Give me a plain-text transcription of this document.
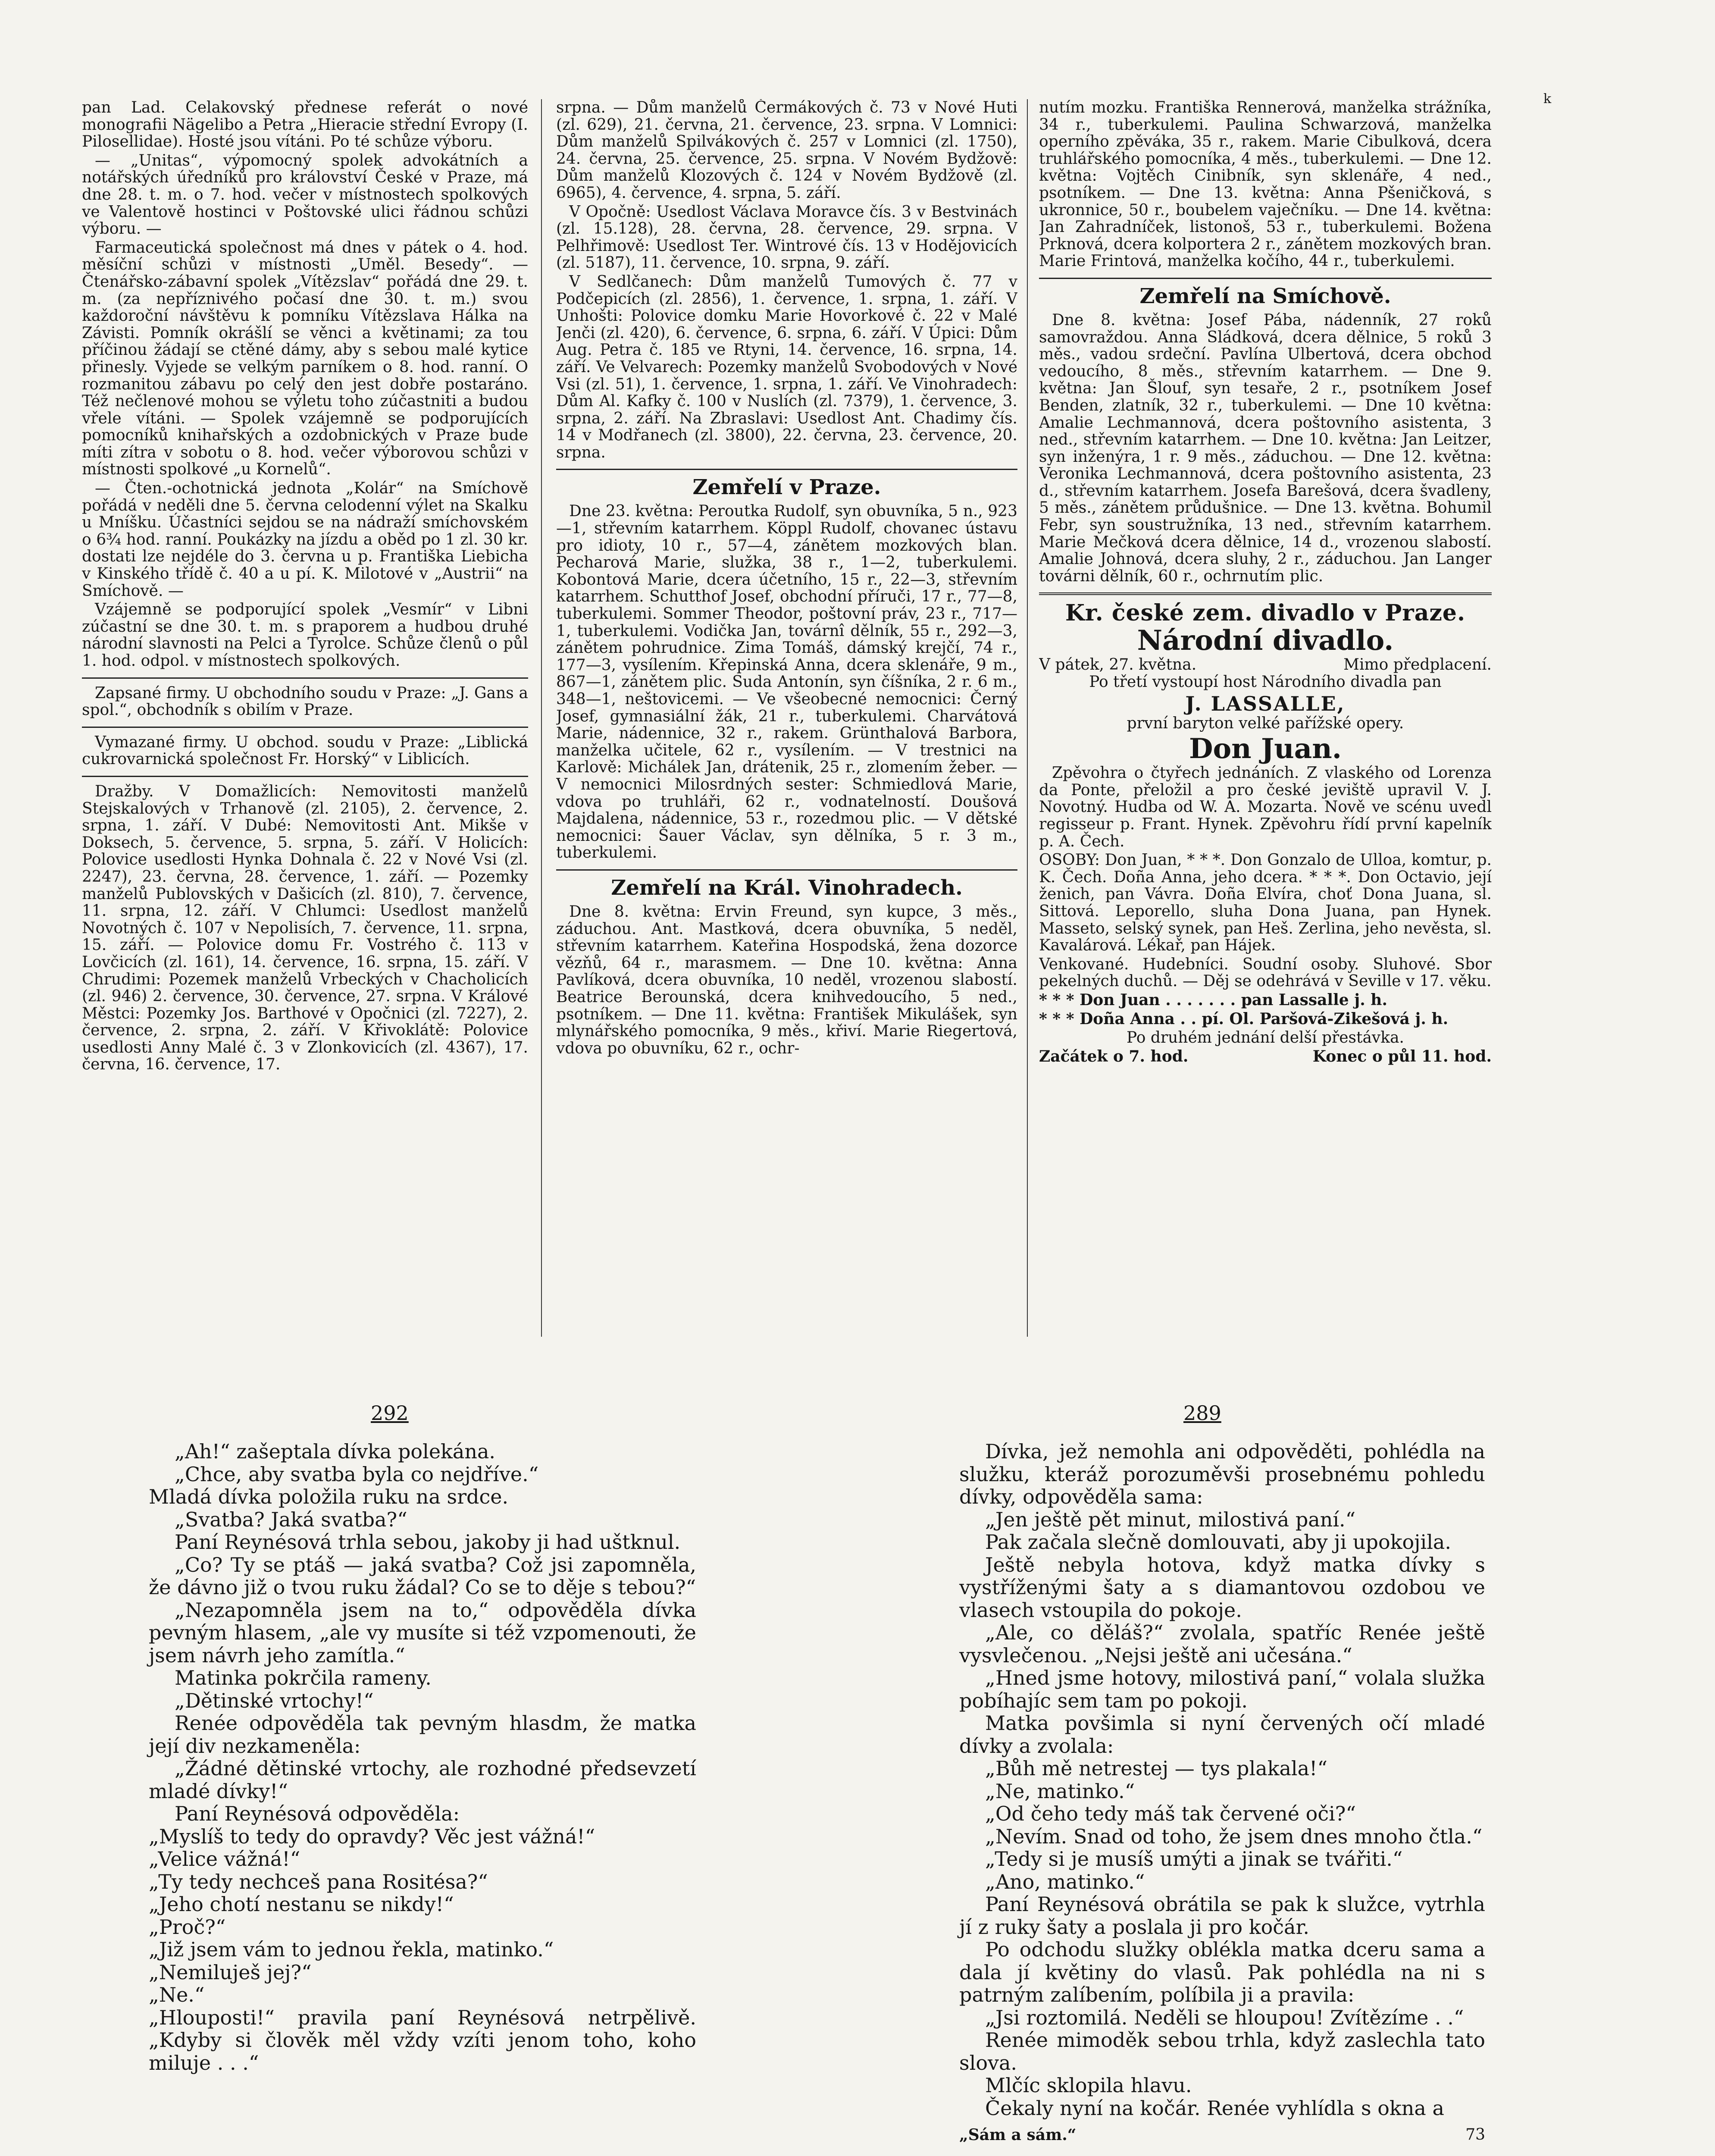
pan Lad. Celakovský přednese referát o nové monografii Nägelibo a Petra „Hieracie střední Evropy (I. Pilosellidae). Hosté jsou vítáni. Po té schůze výboru.

— „Unitas“, výpomocný spolek advokátních a notářských úředníků pro království České v Praze, má dne 28. t. m. o 7. hod. večer v místnostech spolkových ve Valentově hostinci v Poštovské ulici řádnou schůzi výboru. —

Farmaceutická společnost má dnes v pátek o 4. hod. měsíční schůzi v místnosti „Uměl. Besedy“. — Čtenářsko-zábavní spolek „Vítězslav“ pořádá dne 29. t. m. (za nepříznivého počasí dne 30. t. m.) svou každoroční návštěvu k pomníku Vítězslava Hálka na Závisti. Pomník okrášlí se věnci a květinami; za tou příčinou žádají se ctěné dámy, aby s sebou malé kytice přinesly. Vyjede se velkým parníkem o 8. hod. ranní. O rozmanitou zábavu po celý den jest dobře postaráno. Též nečlenové mohou se výletu toho zúčastniti a budou vřele vítáni. — Spolek vzájemně se podporujících pomocníků knihařských a ozdobnických v Praze bude míti zítra v sobotu o 8. hod. večer výborovou schůzi v místnosti spolkové „u Kornelů“.

— Čten.-ochotnická jednota „Kolár“ na Smíchově pořádá v neděli dne 5. června celodenní výlet na Skalku u Mníšku. Účastníci sejdou se na nádraží smíchovském o 6¾ hod. ranní. Poukázky na jízdu a oběd po 1 zl. 30 kr. dostati lze nejdéle do 3. června u p. Františka Liebicha v Kinského třídě č. 40 a u pí. K. Milotové v „Austrii“ na Smíchově. —

Vzájemně se podporující spolek „Vesmír“ v Libni zúčastní se dne 30. t. m. s praporem a hudbou druhé národní slavnosti na Pelci a Tyrolce. Schůze členů o půl 1. hod. odpol. v místnostech spolkových.

Zapsané firmy. U obchodního soudu v Praze: „J. Gans a spol.“, obchodník s obilím v Praze.

Vymazané firmy. U obchod. soudu v Praze: „Liblická cukrovarnická společnost Fr. Horský“ v Liblicích.

Dražby. V Domažlicích: Nemovitosti manželů Stejskalových v Trhanově (zl. 2105), 2. července, 2. srpna, 1. září. V Dubé: Nemovitosti Ant. Mikše v Doksech, 5. července, 5. srpna, 5. září. V Holicích: Polovice usedlosti Hynka Dohnala č. 22 v Nové Vsi (zl. 2247), 23. června, 28. července, 1. září. — Pozemky manželů Publovských v Dašicích (zl. 810), 7. července, 11. srpna, 12. září. V Chlumci: Usedlost manželů Novotných č. 107 v Nepolisích, 7. července, 11. srpna, 15. září. — Polovice domu Fr. Vostrého č. 113 v Lovčicích (zl. 161), 14. července, 16. srpna, 15. září. V Chrudimi: Pozemek manželů Vrbeckých v Chacholicích (zl. 946) 2. července, 30. července, 27. srpna. V Králové Městci: Pozemky Jos. Barthové v Opočnici (zl. 7227), 2. července, 2. srpna, 2. září. V Křivoklátě: Polovice usedlosti Anny Malé č. 3 v Zlonkovicích (zl. 4367), 17. června, 16. července, 17.

srpna. — Dům manželů Čermákových č. 73 v Nové Huti (zl. 629), 21. června, 21. července, 23. srpna. V Lomnici: Dům manželů Spilvákových č. 257 v Lomnici (zl. 1750), 24. června, 25. července, 25. srpna. V Novém Bydžově: Dům manželů Klozových č. 124 v Novém Bydžově (zl. 6965), 4. července, 4. srpna, 5. září.

V Opočně: Usedlost Václava Moravce čís. 3 v Bestvinách (zl. 15.128), 28. června, 28. července, 29. srpna. V Pelhřimově: Usedlost Ter. Wintrové čís. 13 v Hodějovicích (zl. 5187), 11. července, 10. srpna, 9. září.

V Sedlčanech: Dům manželů Tumových č. 77 v Podčepicích (zl. 2856), 1. července, 1. srpna, 1. září. V Unhošti: Polovice domku Marie Hovorkové č. 22 v Malé Jenči (zl. 420), 6. července, 6. srpna, 6. září. V Úpici: Dům Aug. Petra č. 185 ve Rtyni, 14. července, 16. srpna, 14. září. Ve Velvarech: Pozemky manželů Svobodových v Nové Vsi (zl. 51), 1. července, 1. srpna, 1. září. Ve Vinohradech: Dům Al. Kafky č. 100 v Nuslích (zl. 7379), 1. července, 3. srpna, 2. září. Na Zbraslavi: Usedlost Ant. Chadimy čís. 14 v Modřanech (zl. 3800), 22. června, 23. července, 20. srpna.

Zemřelí v Praze.

Dne 23. května: Peroutka Rudolf, syn obuvníka, 5 n., 923—1, střevním katarrhem. Köppl Rudolf, chovanec ústavu pro idioty, 10 r., 57—4, zánětem mozkových blan. Pecharová Marie, služka, 38 r., 1—2, tuberkulemi. Kobontová Marie, dcera účetního, 15 r., 22—3, střevním katarrhem. Schutthof Josef, obchodní příruči, 17 r., 77—8, tuberkulemi. Sommer Theodor, poštovní práv, 23 r., 717—1, tuberkulemi. Vodička Jan, továrnî dělník, 55 r., 292—3, zánětem pohrudnice. Zima Tomáš, dámský krejčí, 74 r., 177—3, vysílením. Křepinská Anna, dcera sklenáře, 9 m., 867—1, zánětem plic. Suda Antonín, syn číšníka, 2 r. 6 m., 348—1, neštovicemi. — Ve všeobecné nemocnici: Černý Josef, gymnasiální žák, 21 r., tuberkulemi. Charvátová Marie, nádennice, 32 r., rakem. Grünthalová Barbora, manželka učitele, 62 r., vysílením. — V trestnici na Karlově: Michálek Jan, drátenik, 25 r., zlomením žeber. — V nemocnici Milosrdných sester: Schmiedlová Marie, vdova po truhláři, 62 r., vodnatelností. Doušová Majdalena, nádennice, 53 r., rozedmou plic. — V dětské nemocnici: Šauer Václav, syn dělníka, 5 r. 3 m., tuberkulemi.

Zemřelí na Král. Vinohradech.

Dne 8. května: Ervin Freund, syn kupce, 3 měs., záduchou. Ant. Mastková, dcera obuvníka, 5 neděl, střevním katarrhem. Kateřina Hospodská, žena dozorce vězňů, 64 r., marasmem. — Dne 10. května: Anna Pavlíková, dcera obuvníka, 10 neděl, vrozenou slabostí. Beatrice Berounská, dcera knihvedoucího, 5 ned., psotníkem. — Dne 11. května: František Mikulášek, syn mlynářského pomocníka, 9 měs., křiví. Marie Riegertová, vdova po obuvníku, 62 r., ochr-

nutím mozku. Františka Rennerová, manželka strážníka, 34 r., tuberkulemi. Paulina Schwarzová, manželka operního zpěváka, 35 r., rakem. Marie Cibulková, dcera truhlářského pomocníka, 4 měs., tuberkulemi. — Dne 12. května: Vojtěch Cinibník, syn sklenáře, 4 ned., psotníkem. — Dne 13. května: Anna Pšeničková, s ukronnice, 50 r., boubelem vaječníku. — Dne 14. května: Jan Zahradníček, listonoš, 53 r., tuberkulemi. Božena Prknová, dcera kolportera 2 r., zánětem mozkových bran. Marie Frintová, manželka kočího, 44 r., tuberkulemi.

Zemřelí na Smíchově.

Dne 8. května: Josef Pába, nádenník, 27 roků samovraždou. Anna Sládková, dcera dělnice, 5 roků 3 měs., vadou srdeční. Pavlína Ulbertová, dcera obchod vedoucího, 8 měs., střevním katarrhem. — Dne 9. května: Jan Šlouf, syn tesaře, 2 r., psotníkem Josef Benden, zlatník, 32 r., tuberkulemi. — Dne 10 května: Amalie Lechmannová, dcera poštovního asistenta, 3 ned., střevním katarrhem. — Dne 10. května: Jan Leitzer, syn inženýra, 1 r. 9 měs., záduchou. — Dne 12. května: Veronika Lechmannová, dcera poštovního asistenta, 23 d., střevním katarrhem. Josefa Barešová, dcera švadleny, 5 měs., zánětem průdušnice. — Dne 13. května. Bohumil Febr, syn soustružníka, 13 ned., střevním katarrhem. Marie Mečková dcera dělnice, 14 d., vrozenou slabostí. Amalie Johnová, dcera sluhy, 2 r., záduchou. Jan Langer továrni dělník, 60 r., ochrnutím plic.

Kr. české zem. divadlo v Praze.
Národní divadlo.
V pátek, 27. května.	Mimo předplacení.

Po třetí vystoupí host Národního divadla pan

J. LASSALLE,

první baryton velké pařížské opery.

Don Juan.

Zpěvohra o čtyřech jednáních. Z vlaského od Lorenza da Ponte, přeložil a pro české jeviště upravil V. J. Novotný. Hudba od W. A. Mozarta. Nově ve scénu uvedl regisseur p. Frant. Hynek. Zpěvohru řídí první kapelník p. A. Čech.

OSOBY: Don Juan, * * *. Don Gonzalo de Ulloa, komtur, p. K. Čech. Doña Anna, jeho dcera. * * *. Don Octavio, její ženich, pan Vávra. Doña Elvíra, choť Dona Juana, sl. Sittová. Leporello, sluha Dona Juana, pan Hynek. Masseto, selský synek, pan Heš. Zerlina, jeho nevěsta, sl. Kavalárová. Lékař, pan Hájek.

Venkované. Hudebníci. Soudní osoby. Sluhové. Sbor pekelných duchů. — Děj se odehrává v Seville v 17. věku.

* * * Don Juan . . . . . . . pan Lassalle j. h.

* * * Doña Anna . . pí. Ol. Paršová-Zikešová j. h.

Po druhém jednání delší přestávka.

Začátek o 7. hod.	Konec o půl 11. hod.
k
292	289

„Ah!“ zašeptala dívka polekána.

„Chce, aby svatba byla co nejdříve.“

Mladá dívka položila ruku na srdce.

„Svatba? Jaká svatba?“

Paní Reynésová trhla sebou, jakoby ji had uštknul.

„Co? Ty se ptáš — jaká svatba? Což jsi zapomněla, že dávno již o tvou ruku žádal? Co se to děje s tebou?“

„Nezapomněla jsem na to,“ odpověděla dívka pevným hlasem, „ale vy musíte si též vzpomenouti, že jsem návrh jeho zamítla.“

Matinka pokrčila rameny.

„Dětinské vrtochy!“

Renée odpověděla tak pevným hlasdm, že matka její div nezkameněla:

„Žádné dětinské vrtochy, ale rozhodné předsevzetí mladé dívky!“

Paní Reynésová odpověděla:

„Myslíš to tedy do opravdy? Věc jest vážná!“

„Velice vážná!“

„Ty tedy nechceš pana Rositésa?“

„Jeho chotí nestanu se nikdy!“

„Proč?“

„Již jsem vám to jednou řekla, matinko.“

„Nemiluješ jej?“

„Ne.“

„Hlouposti!“ pravila paní Reynésová netrpělivě. „Kdyby si člověk měl vždy vzíti jenom toho, koho miluje . . .“

Dívka, jež nemohla ani odpověděti, pohlédla na služku, kteráž porozuměvši prosebnému pohledu dívky, odpověděla sama:

„Jen ještě pět minut, milostivá paní.“

Pak začala slečně domlouvati, aby ji upokojila.

Ještě nebyla hotova, když matka dívky s vystříženými šaty a s diamantovou ozdobou ve vlasech vstoupila do pokoje.

„Ale, co děláš?“ zvolala, spatříc Renée ještě vysvlečenou. „Nejsi ještě ani učesána.“

„Hned jsme hotovy, milostivá paní,“ volala služka pobíhajíc sem tam po pokoji.

Matka povšimla si nyní červených očí mladé dívky a zvolala:

„Bůh mě netrestej — tys plakala!“

„Ne, matinko.“

„Od čeho tedy máš tak červené oči?“

„Nevím. Snad od toho, že jsem dnes mnoho čtla.“

„Tedy si je musíš umýti a jinak se tvářiti.“

„Ano, matinko.“

Paní Reynésová obrátila se pak k služce, vytrhla jí z ruky šaty a poslala ji pro kočár.

Po odchodu služky oblékla matka dceru sama a dala jí květiny do vlasů. Pak pohlédla na ni s patrným zalíbením, políbila ji a pravila:

„Jsi roztomilá. Neděli se hloupou! Zvítězíme . .“

Renée mimoděk sebou trhla, když zaslechla tato slova.

Mlčíc sklopila hlavu.

Čekaly nyní na kočár. Renée vyhlídla s okna a

„Sám a sám.“	73
